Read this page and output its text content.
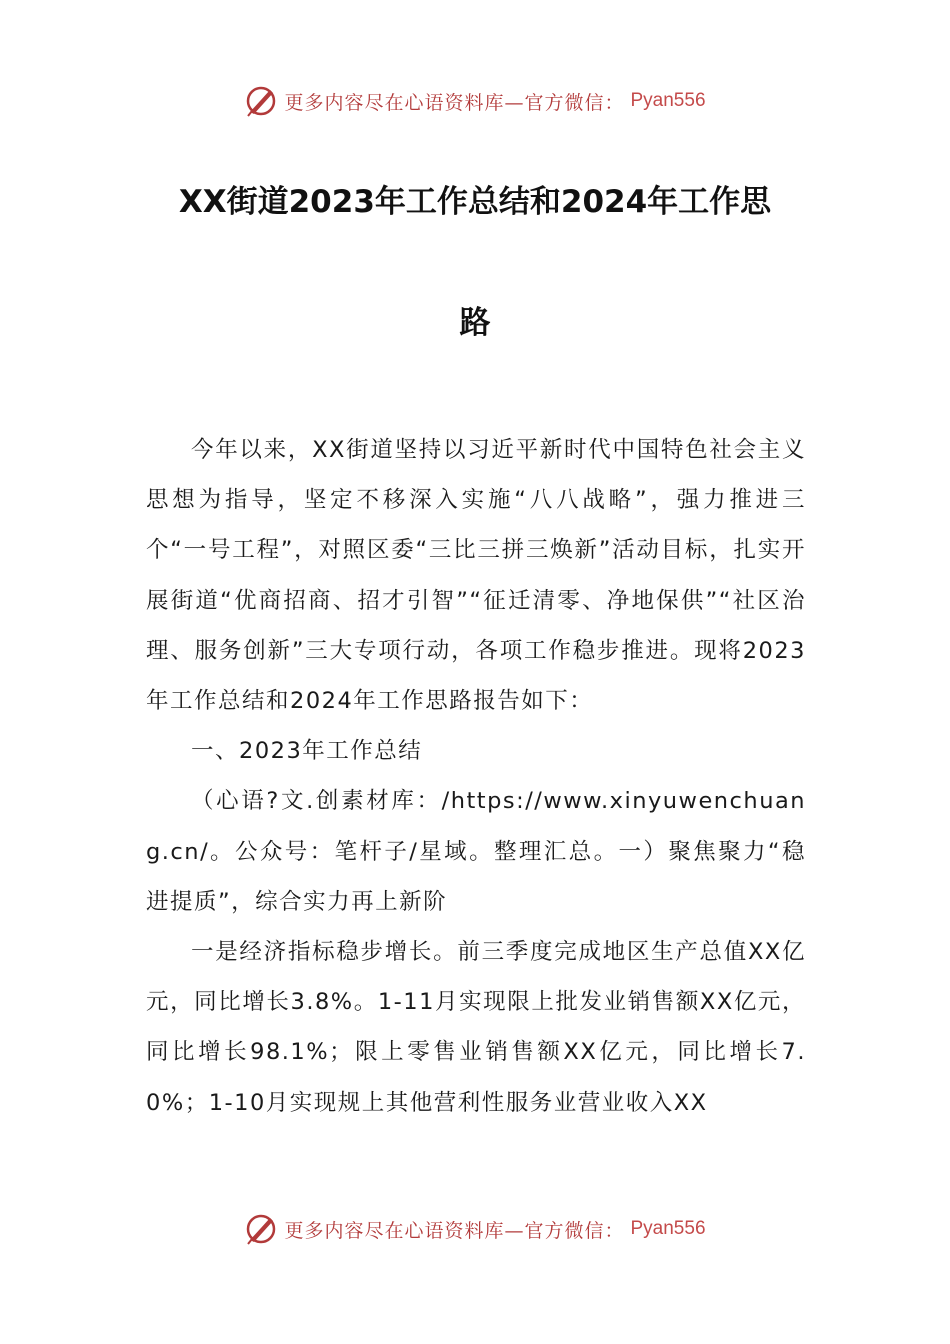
更多内容尽在心语资料库—官方微信： Pyan556
XX街道2023年工作总结和2024年工作思
路

今年以来，XX街道坚持以习近平新时代中国特色社会主义思想为指导，坚定不移深入实施“八八战略”，强力推进三个“一号工程”，对照区委“三比三拼三焕新”活动目标，扎实开展街道“优商招商、招才引智”“征迁清零、净地保供”“社区治理、服务创新”三大专项行动，各项工作稳步推进。现将2023年工作总结和2024年工作思路报告如下：

一、2023年工作总结

（心语?文.创素材库：/https://www.xinyuwenchuang.cn/。公众号：笔杆子/星域。整理汇总。一）聚焦聚力“稳进提质”，综合实力再上新阶

一是经济指标稳步增长。前三季度完成地区生产总值XX亿元，同比增长3.8%。1-11月实现限上批发业销售额XX亿元，同比增长98.1%；限上零售业销售额XX亿元，同比增长7.0%；1-10月实现规上其他营利性服务业营业收入XX

更多内容尽在心语资料库—官方微信： Pyan556
